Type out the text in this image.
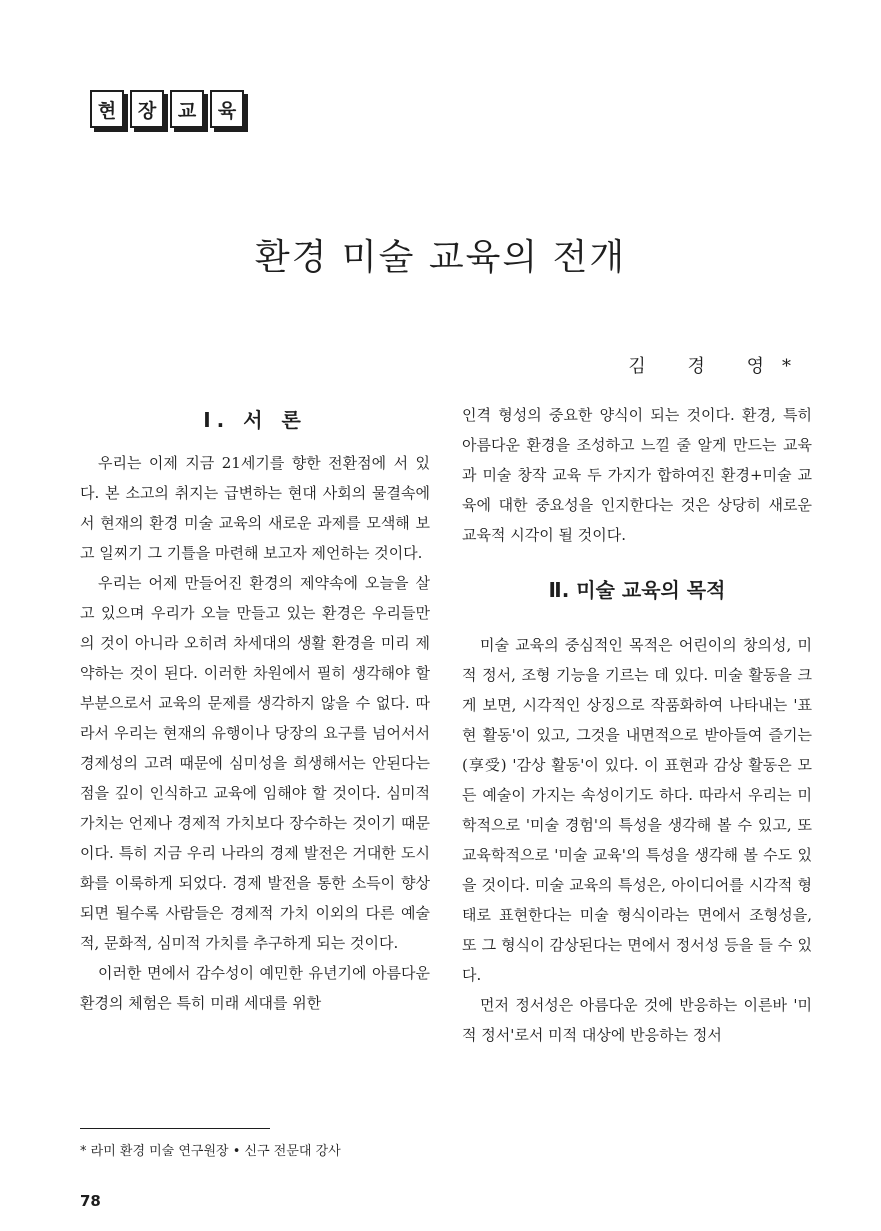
현	장	교	육
환경 미술 교육의 전개
김 경 영*
Ⅰ. 서 론

우리는 이제 지금 21세기를 향한 전환점에 서 있다. 본 소고의 취지는 급변하는 현대 사회의 물결속에서 현재의 환경 미술 교육의 새로운 과제를 모색해 보고 일찌기 그 기틀을 마련해 보고자 제언하는 것이다.

우리는 어제 만들어진 환경의 제약속에 오늘을 살고 있으며 우리가 오늘 만들고 있는 환경은 우리들만의 것이 아니라 오히려 차세대의 생활 환경을 미리 제약하는 것이 된다. 이러한 차원에서 필히 생각해야 할 부분으로서 교육의 문제를 생각하지 않을 수 없다. 따라서 우리는 현재의 유행이나 당장의 요구를 넘어서서 경제성의 고려 때문에 심미성을 희생해서는 안된다는 점을 깊이 인식하고 교육에 임해야 할 것이다. 심미적 가치는 언제나 경제적 가치보다 장수하는 것이기 때문이다. 특히 지금 우리 나라의 경제 발전은 거대한 도시화를 이룩하게 되었다. 경제 발전을 통한 소득이 향상되면 될수록 사람들은 경제적 가치 이외의 다른 예술적, 문화적, 심미적 가치를 추구하게 되는 것이다.

이러한 면에서 감수성이 예민한 유년기에 아름다운 환경의 체험은 특히 미래 세대를 위한

인격 형성의 중요한 양식이 되는 것이다. 환경, 특히 아름다운 환경을 조성하고 느낄 줄 알게 만드는 교육과 미술 창작 교육 두 가지가 합하여진 환경+미술 교육에 대한 중요성을 인지한다는 것은 상당히 새로운 교육적 시각이 될 것이다.

Ⅱ. 미술 교육의 목적

미술 교육의 중심적인 목적은 어린이의 창의성, 미적 정서, 조형 기능을 기르는 데 있다. 미술 활동을 크게 보면, 시각적인 상징으로 작품화하여 나타내는 '표현 활동'이 있고, 그것을 내면적으로 받아들여 즐기는(享受) '감상 활동'이 있다. 이 표현과 감상 활동은 모든 예술이 가지는 속성이기도 하다. 따라서 우리는 미학적으로 '미술 경험'의 특성을 생각해 볼 수 있고, 또 교육학적으로 '미술 교육'의 특성을 생각해 볼 수도 있을 것이다. 미술 교육의 특성은, 아이디어를 시각적 형태로 표현한다는 미술 형식이라는 면에서 조형성을, 또 그 형식이 감상된다는 면에서 정서성 등을 들 수 있다.

먼저 정서성은 아름다운 것에 반응하는 이른바 '미적 정서'로서 미적 대상에 반응하는 정서

* 라미 환경 미술 연구원장 • 신구 전문대 강사
78
